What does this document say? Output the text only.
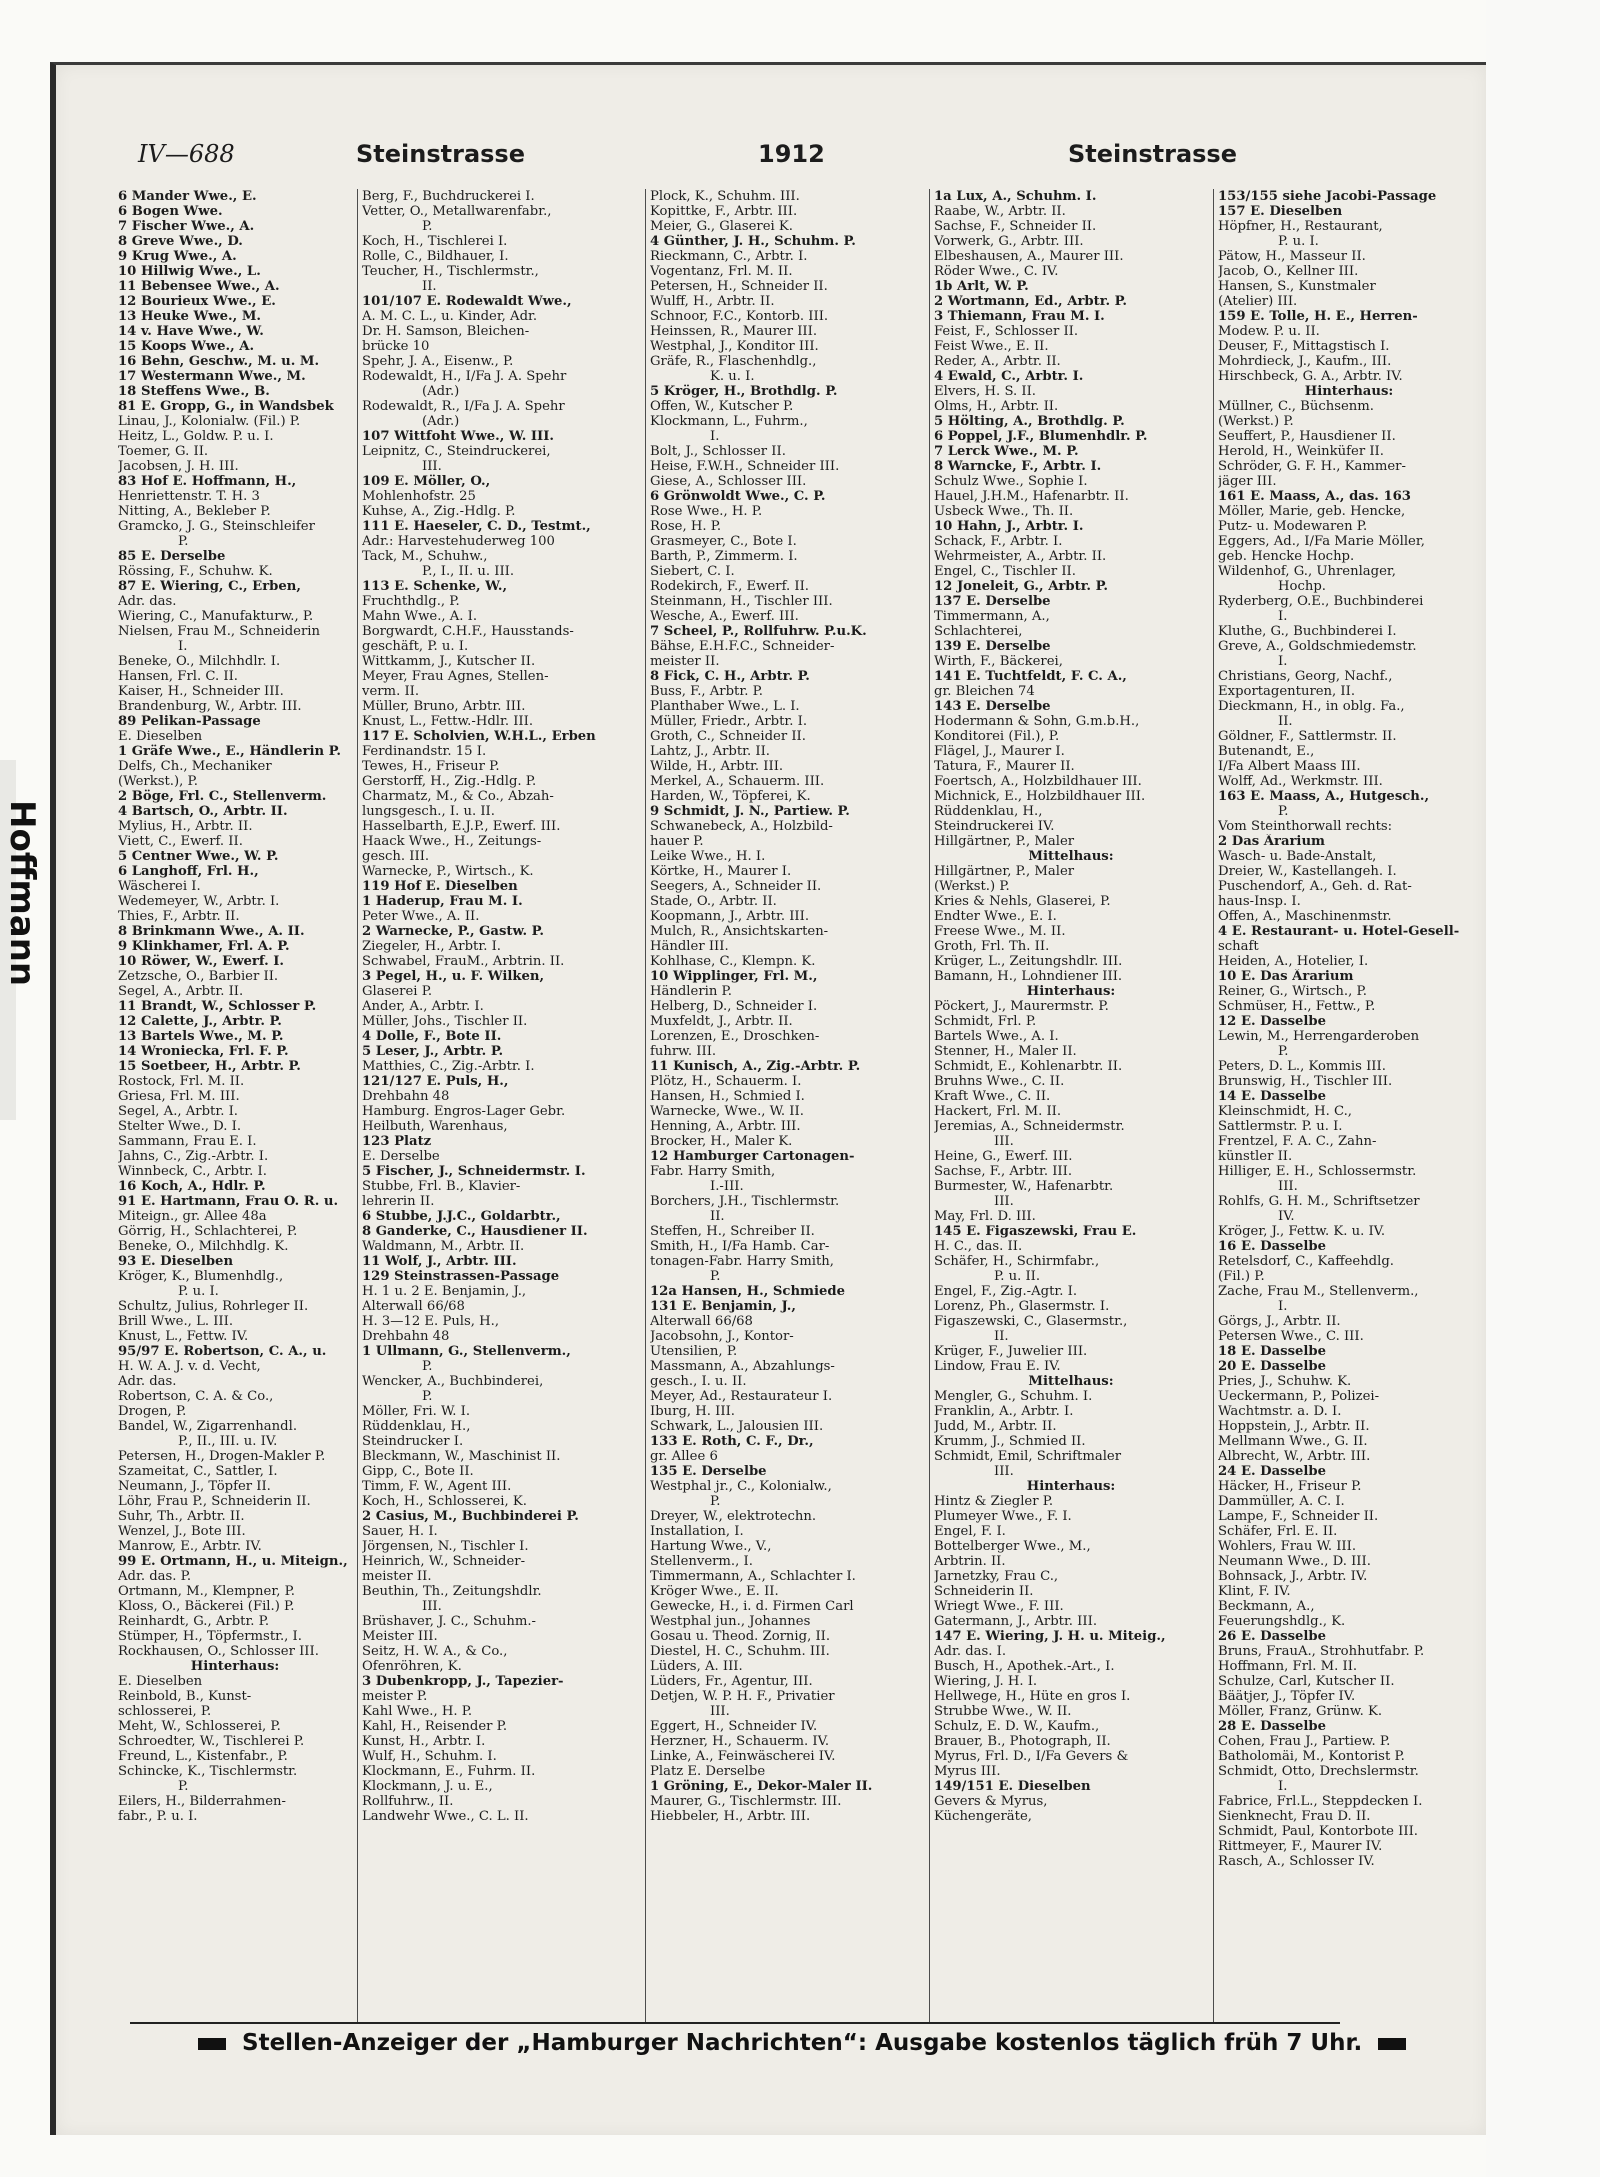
Hoffmann
IV—688	Steinstrasse	1912	Steinstrasse
6 Mander Wwe., E.
6 Bogen Wwe.
7 Fischer Wwe., A.
8 Greve Wwe., D.
9 Krug Wwe., A.
10 Hillwig Wwe., L.
11 Bebensee Wwe., A.
12 Bourieux Wwe., E.
13 Heuke Wwe., M.
14 v. Have Wwe., W.
15 Koops Wwe., A.
16 Behn, Geschw., M. u. M.
17 Westermann Wwe., M.
18 Steffens Wwe., B.
81 E. Gropp, G., in Wandsbek
Linau, J., Kolonialw. (Fil.) P.
Heitz, L., Goldw. P. u. I.
Toemer, G. II.
Jacobsen, J. H. III.
83 Hof E. Hoffmann, H.,
Henriettenstr. T. H. 3
Nitting, A., Bekleber P.
Gramcko, J. G., Steinschleifer
P.
85 E. Derselbe
Rössing, F., Schuhw. K.
87 E. Wiering, C., Erben,
Adr. das.
Wiering, C., Manufakturw., P.
Nielsen, Frau M., Schneiderin
I.
Beneke, O., Milchhdlr. I.
Hansen, Frl. C. II.
Kaiser, H., Schneider III.
Brandenburg, W., Arbtr. III.
89 Pelikan-Passage
E. Dieselben
1 Gräfe Wwe., E., Händlerin P.
Delfs, Ch., Mechaniker
(Werkst.), P.
2 Böge, Frl. C., Stellenverm.
4 Bartsch, O., Arbtr. II.
Mylius, H., Arbtr. II.
Viett, C., Ewerf. II.
5 Centner Wwe., W. P.
6 Langhoff, Frl. H.,
Wäscherei I.
Wedemeyer, W., Arbtr. I.
Thies, F., Arbtr. II.
8 Brinkmann Wwe., A. II.
9 Klinkhamer, Frl. A. P.
10 Röwer, W., Ewerf. I.
Zetzsche, O., Barbier II.
Segel, A., Arbtr. II.
11 Brandt, W., Schlosser P.
12 Calette, J., Arbtr. P.
13 Bartels Wwe., M. P.
14 Wroniecka, Frl. F. P.
15 Soetbeer, H., Arbtr. P.
Rostock, Frl. M. II.
Griesa, Frl. M. III.
Segel, A., Arbtr. I.
Stelter Wwe., D. I.
Sammann, Frau E. I.
Jahns, C., Zig.-Arbtr. I.
Winnbeck, C., Arbtr. I.
16 Koch, A., Hdlr. P.
91 E. Hartmann, Frau O. R. u.
Miteign., gr. Allee 48a
Görrig, H., Schlachterei, P.
Beneke, O., Milchhdlg. K.
93 E. Dieselben
Kröger, K., Blumenhdlg.,
P. u. I.
Schultz, Julius, Rohrleger II.
Brill Wwe., L. III.
Knust, L., Fettw. IV.
95/97 E. Robertson, C. A., u.
H. W. A. J. v. d. Vecht,
Adr. das.
Robertson, C. A. & Co.,
Drogen, P.
Bandel, W., Zigarrenhandl.
P., II., III. u. IV.
Petersen, H., Drogen-Makler P.
Szameitat, C., Sattler, I.
Neumann, J., Töpfer II.
Löhr, Frau P., Schneiderin II.
Suhr, Th., Arbtr. II.
Wenzel, J., Bote III.
Manrow, E., Arbtr. IV.
99 E. Ortmann, H., u. Miteign.,
Adr. das. P.
Ortmann, M., Klempner, P.
Kloss, O., Bäckerei (Fil.) P.
Reinhardt, G., Arbtr. P.
Stümper, H., Töpfermstr., I.
Rockhausen, O., Schlosser III.
Hinterhaus:
E. Dieselben
Reinbold, B., Kunst-
schlosserei, P.
Meht, W., Schlosserei, P.
Schroedter, W., Tischlerei P.
Freund, L., Kistenfabr., P.
Schincke, K., Tischlermstr.
P.
Eilers, H., Bilderrahmen-
fabr., P. u. I.
Berg, F., Buchdruckerei I.
Vetter, O., Metallwarenfabr.,
P.
Koch, H., Tischlerei I.
Rolle, C., Bildhauer, I.
Teucher, H., Tischlermstr.,
II.
101/107 E. Rodewaldt Wwe.,
A. M. C. L., u. Kinder, Adr.
Dr. H. Samson, Bleichen-
brücke 10
Spehr, J. A., Eisenw., P.
Rodewaldt, H., I/Fa J. A. Spehr
(Adr.)
Rodewaldt, R., I/Fa J. A. Spehr
(Adr.)
107 Wittfoht Wwe., W. III.
Leipnitz, C., Steindruckerei,
III.
109 E. Möller, O.,
Mohlenhofstr. 25
Kuhse, A., Zig.-Hdlg. P.
111 E. Haeseler, C. D., Testmt.,
Adr.: Harvestehuderweg 100
Tack, M., Schuhw.,
P., I., II. u. III.
113 E. Schenke, W.,
Fruchthdlg., P.
Mahn Wwe., A. I.
Borgwardt, C.H.F., Hausstands-
geschäft, P. u. I.
Wittkamm, J., Kutscher II.
Meyer, Frau Agnes, Stellen-
verm. II.
Müller, Bruno, Arbtr. III.
Knust, L., Fettw.-Hdlr. III.
117 E. Scholvien, W.H.L., Erben
Ferdinandstr. 15 I.
Tewes, H., Friseur P.
Gerstorff, H., Zig.-Hdlg. P.
Charmatz, M., & Co., Abzah-
lungsgesch., I. u. II.
Hasselbarth, E.J.P., Ewerf. III.
Haack Wwe., H., Zeitungs-
gesch. III.
Warnecke, P., Wirtsch., K.
119 Hof E. Dieselben
1 Haderup, Frau M. I.
Peter Wwe., A. II.
2 Warnecke, P., Gastw. P.
Ziegeler, H., Arbtr. I.
Schwabel, FrauM., Arbtrin. II.
3 Pegel, H., u. F. Wilken,
Glaserei P.
Ander, A., Arbtr. I.
Müller, Johs., Tischler II.
4 Dolle, F., Bote II.
5 Leser, J., Arbtr. P.
Matthies, C., Zig.-Arbtr. I.
121/127 E. Puls, H.,
Drehbahn 48
Hamburg. Engros-Lager Gebr.
Heilbuth, Warenhaus,
123 Platz
E. Derselbe
5 Fischer, J., Schneidermstr. I.
Stubbe, Frl. B., Klavier-
lehrerin II.
6 Stubbe, J.J.C., Goldarbtr.,
8 Ganderke, C., Hausdiener II.
Waldmann, M., Arbtr. II.
11 Wolf, J., Arbtr. III.
129 Steinstrassen-Passage
H. 1 u. 2 E. Benjamin, J.,
Alterwall 66/68
H. 3—12 E. Puls, H.,
Drehbahn 48
1 Ullmann, G., Stellenverm.,
P.
Wencker, A., Buchbinderei,
P.
Möller, Fri. W. I.
Rüddenklau, H.,
Steindrucker I.
Bleckmann, W., Maschinist II.
Gipp, C., Bote II.
Timm, F. W., Agent III.
Koch, H., Schlosserei, K.
2 Casius, M., Buchbinderei P.
Sauer, H. I.
Jörgensen, N., Tischler I.
Heinrich, W., Schneider-
meister II.
Beuthin, Th., Zeitungshdlr.
III.
Brüshaver, J. C., Schuhm.-
Meister III.
Seitz, H. W. A., & Co.,
Ofenröhren, K.
3 Dubenkropp, J., Tapezier-
meister P.
Kahl Wwe., H. P.
Kahl, H., Reisender P.
Kunst, H., Arbtr. I.
Wulf, H., Schuhm. I.
Klockmann, E., Fuhrm. II.
Klockmann, J. u. E.,
Rollfuhrw., II.
Landwehr Wwe., C. L. II.
Plock, K., Schuhm. III.
Kopittke, F., Arbtr. III.
Meier, G., Glaserei K.
4 Günther, J. H., Schuhm. P.
Rieckmann, C., Arbtr. I.
Vogentanz, Frl. M. II.
Petersen, H., Schneider II.
Wulff, H., Arbtr. II.
Schnoor, F.C., Kontorb. III.
Heinssen, R., Maurer III.
Westphal, J., Konditor III.
Gräfe, R., Flaschenhdlg.,
K. u. I.
5 Kröger, H., Brothdlg. P.
Offen, W., Kutscher P.
Klockmann, L., Fuhrm.,
I.
Bolt, J., Schlosser II.
Heise, F.W.H., Schneider III.
Giese, A., Schlosser III.
6 Grönwoldt Wwe., C. P.
Rose Wwe., H. P.
Rose, H. P.
Grasmeyer, C., Bote I.
Barth, P., Zimmerm. I.
Siebert, C. I.
Rodekirch, F., Ewerf. II.
Steinmann, H., Tischler III.
Wesche, A., Ewerf. III.
7 Scheel, P., Rollfuhrw. P.u.K.
Bähse, E.H.F.C., Schneider-
meister II.
8 Fick, C. H., Arbtr. P.
Buss, F., Arbtr. P.
Planthaber Wwe., L. I.
Müller, Friedr., Arbtr. I.
Groth, C., Schneider II.
Lahtz, J., Arbtr. II.
Wilde, H., Arbtr. III.
Merkel, A., Schauerm. III.
Harden, W., Töpferei, K.
9 Schmidt, J. N., Partiew. P.
Schwanebeck, A., Holzbild-
hauer P.
Leike Wwe., H. I.
Körtke, H., Maurer I.
Seegers, A., Schneider II.
Stade, O., Arbtr. II.
Koopmann, J., Arbtr. III.
Mulch, R., Ansichtskarten-
Händler III.
Kohlhase, C., Klempn. K.
10 Wipplinger, Frl. M.,
Händlerin P.
Helberg, D., Schneider I.
Muxfeldt, J., Arbtr. II.
Lorenzen, E., Droschken-
fuhrw. III.
11 Kunisch, A., Zig.-Arbtr. P.
Plötz, H., Schauerm. I.
Hansen, H., Schmied I.
Warnecke, Wwe., W. II.
Henning, A., Arbtr. III.
Brocker, H., Maler K.
12 Hamburger Cartonagen-
Fabr. Harry Smith,
I.-III.
Borchers, J.H., Tischlermstr.
II.
Steffen, H., Schreiber II.
Smith, H., I/Fa Hamb. Car-
tonagen-Fabr. Harry Smith,
P.
12a Hansen, H., Schmiede
131 E. Benjamin, J.,
Alterwall 66/68
Jacobsohn, J., Kontor-
Utensilien, P.
Massmann, A., Abzahlungs-
gesch., I. u. II.
Meyer, Ad., Restaurateur I.
Iburg, H. III.
Schwark, L., Jalousien III.
133 E. Roth, C. F., Dr.,
gr. Allee 6
135 E. Derselbe
Westphal jr., C., Kolonialw.,
P.
Dreyer, W., elektrotechn.
Installation, I.
Hartung Wwe., V.,
Stellenverm., I.
Timmermann, A., Schlachter I.
Kröger Wwe., E. II.
Gewecke, H., i. d. Firmen Carl
Westphal jun., Johannes
Gosau u. Theod. Zornig, II.
Diestel, H. C., Schuhm. III.
Lüders, A. III.
Lüders, Fr., Agentur, III.
Detjen, W. P. H. F., Privatier
III.
Eggert, H., Schneider IV.
Herzner, H., Schauerm. IV.
Linke, A., Feinwäscherei IV.
Platz E. Derselbe
1 Gröning, E., Dekor-Maler II.
Maurer, G., Tischlermstr. III.
Hiebbeler, H., Arbtr. III.
1a Lux, A., Schuhm. I.
Raabe, W., Arbtr. II.
Sachse, F., Schneider II.
Vorwerk, G., Arbtr. III.
Elbeshausen, A., Maurer III.
Röder Wwe., C. IV.
1b Arlt, W. P.
2 Wortmann, Ed., Arbtr. P.
3 Thiemann, Frau M. I.
Feist, F., Schlosser II.
Feist Wwe., E. II.
Reder, A., Arbtr. II.
4 Ewald, C., Arbtr. I.
Elvers, H. S. II.
Olms, H., Arbtr. II.
5 Hölting, A., Brothdlg. P.
6 Poppel, J.F., Blumenhdlr. P.
7 Lerck Wwe., M. P.
8 Warncke, F., Arbtr. I.
Schulz Wwe., Sophie I.
Hauel, J.H.M., Hafenarbtr. II.
Usbeck Wwe., Th. II.
10 Hahn, J., Arbtr. I.
Schack, F., Arbtr. I.
Wehrmeister, A., Arbtr. II.
Engel, C., Tischler II.
12 Joneleit, G., Arbtr. P.
137 E. Derselbe
Timmermann, A.,
Schlachterei,
139 E. Derselbe
Wirth, F., Bäckerei,
141 E. Tuchtfeldt, F. C. A.,
gr. Bleichen 74
143 E. Derselbe
Hodermann & Sohn, G.m.b.H.,
Konditorei (Fil.), P.
Flägel, J., Maurer I.
Tatura, F., Maurer II.
Foertsch, A., Holzbildhauer III.
Michnick, E., Holzbildhauer III.
Rüddenklau, H.,
Steindruckerei IV.
Hillgärtner, P., Maler
Mittelhaus:
Hillgärtner, P., Maler
(Werkst.) P.
Kries & Nehls, Glaserei, P.
Endter Wwe., E. I.
Freese Wwe., M. II.
Groth, Frl. Th. II.
Krüger, L., Zeitungshdlr. III.
Bamann, H., Lohndiener III.
Hinterhaus:
Pöckert, J., Maurermstr. P.
Schmidt, Frl. P.
Bartels Wwe., A. I.
Stenner, H., Maler II.
Schmidt, E., Kohlenarbtr. II.
Bruhns Wwe., C. II.
Kraft Wwe., C. II.
Hackert, Frl. M. II.
Jeremias, A., Schneidermstr.
III.
Heine, G., Ewerf. III.
Sachse, F., Arbtr. III.
Burmester, W., Hafenarbtr.
III.
May, Frl. D. III.
145 E. Figaszewski, Frau E.
H. C., das. II.
Schäfer, H., Schirmfabr.,
P. u. II.
Engel, F., Zig.-Agtr. I.
Lorenz, Ph., Glasermstr. I.
Figaszewski, C., Glasermstr.,
II.
Krüger, F., Juwelier III.
Lindow, Frau E. IV.
Mittelhaus:
Mengler, G., Schuhm. I.
Franklin, A., Arbtr. I.
Judd, M., Arbtr. II.
Krumm, J., Schmied II.
Schmidt, Emil, Schriftmaler
III.
Hinterhaus:
Hintz & Ziegler P.
Plumeyer Wwe., F. I.
Engel, F. I.
Bottelberger Wwe., M.,
Arbtrin. II.
Jarnetzky, Frau C.,
Schneiderin II.
Wriegt Wwe., F. III.
Gatermann, J., Arbtr. III.
147 E. Wiering, J. H. u. Miteig.,
Adr. das. I.
Busch, H., Apothek.-Art., I.
Wiering, J. H. I.
Hellwege, H., Hüte en gros I.
Strubbe Wwe., W. II.
Schulz, E. D. W., Kaufm.,
Brauer, B., Photograph, II.
Myrus, Frl. D., I/Fa Gevers &
Myrus III.
149/151 E. Dieselben
Gevers & Myrus,
Küchengeräte,
153/155 siehe Jacobi-Passage
157 E. Dieselben
Höpfner, H., Restaurant,
P. u. I.
Pätow, H., Masseur II.
Jacob, O., Kellner III.
Hansen, S., Kunstmaler
(Atelier) III.
159 E. Tolle, H. E., Herren-
Modew. P. u. II.
Deuser, F., Mittagstisch I.
Mohrdieck, J., Kaufm., III.
Hirschbeck, G. A., Arbtr. IV.
Hinterhaus:
Müllner, C., Büchsenm.
(Werkst.) P.
Seuffert, P., Hausdiener II.
Herold, H., Weinküfer II.
Schröder, G. F. H., Kammer-
jäger III.
161 E. Maass, A., das. 163
Möller, Marie, geb. Hencke,
Putz- u. Modewaren P.
Eggers, Ad., I/Fa Marie Möller,
geb. Hencke Hochp.
Wildenhof, G., Uhrenlager,
Hochp.
Ryderberg, O.E., Buchbinderei
I.
Kluthe, G., Buchbinderei I.
Greve, A., Goldschmiedemstr.
I.
Christians, Georg, Nachf.,
Exportagenturen, II.
Dieckmann, H., in oblg. Fa.,
II.
Göldner, F., Sattlermstr. II.
Butenandt, E.,
I/Fa Albert Maass III.
Wolff, Ad., Werkmstr. III.
163 E. Maass, A., Hutgesch.,
P.
Vom Steinthorwall rechts:
2 Das Ärarium
Wasch- u. Bade-Anstalt,
Dreier, W., Kastellangeh. I.
Puschendorf, A., Geh. d. Rat-
haus-Insp. I.
Offen, A., Maschinenmstr.
4 E. Restaurant- u. Hotel-Gesell-
schaft
Heiden, A., Hotelier, I.
10 E. Das Ärarium
Reiner, G., Wirtsch., P.
Schmüser, H., Fettw., P.
12 E. Dasselbe
Lewin, M., Herrengarderoben
P.
Peters, D. L., Kommis III.
Brunswig, H., Tischler III.
14 E. Dasselbe
Kleinschmidt, H. C.,
Sattlermstr. P. u. I.
Frentzel, F. A. C., Zahn-
künstler II.
Hilliger, E. H., Schlossermstr.
III.
Rohlfs, G. H. M., Schriftsetzer
IV.
Kröger, J., Fettw. K. u. IV.
16 E. Dasselbe
Retelsdorf, C., Kaffeehdlg.
(Fil.) P.
Zache, Frau M., Stellenverm.,
I.
Görgs, J., Arbtr. II.
Petersen Wwe., C. III.
18 E. Dasselbe
20 E. Dasselbe
Pries, J., Schuhw. K.
Ueckermann, P., Polizei-
Wachtmstr. a. D. I.
Hoppstein, J., Arbtr. II.
Mellmann Wwe., G. II.
Albrecht, W., Arbtr. III.
24 E. Dasselbe
Häcker, H., Friseur P.
Dammüller, A. C. I.
Lampe, F., Schneider II.
Schäfer, Frl. E. II.
Wohlers, Frau W. III.
Neumann Wwe., D. III.
Bohnsack, J., Arbtr. IV.
Klint, F. IV.
Beckmann, A.,
Feuerungshdlg., K.
26 E. Dasselbe
Bruns, FrauA., Strohhutfabr. P.
Hoffmann, Frl. M. II.
Schulze, Carl, Kutscher II.
Bäätjer, J., Töpfer IV.
Möller, Franz, Grünw. K.
28 E. Dasselbe
Cohen, Frau J., Partiew. P.
Batholomäi, M., Kontorist P.
Schmidt, Otto, Drechslermstr.
I.
Fabrice, Frl.L., Steppdecken I.
Sienknecht, Frau D. II.
Schmidt, Paul, Kontorbote III.
Rittmeyer, F., Maurer IV.
Rasch, A., Schlosser IV.
Stellen-Anzeiger der „Hamburger Nachrichten“: Ausgabe kostenlos täglich früh 7 Uhr.
